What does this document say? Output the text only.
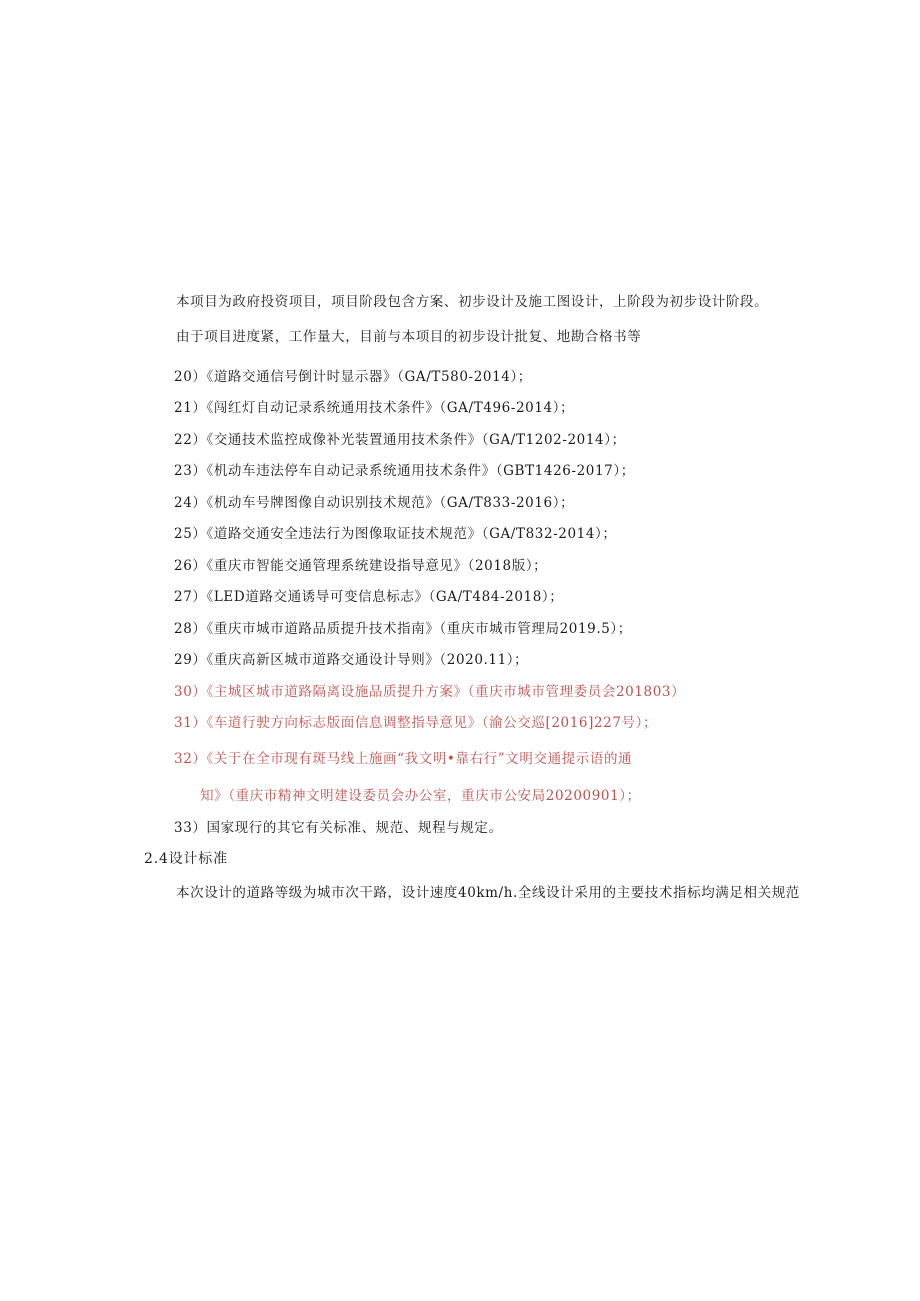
本项目为政府投资项目，项目阶段包含方案、初步设计及施工图设计，上阶段为初步设计阶段。
由于项目进度紧，工作量大，目前与本项目的初步设计批复、地勘合格书等
20）《道路交通信号倒计时显示器》（GA/T580-2014）；
21）《闯红灯自动记录系统通用技术条件》（GA/T496-2014）；
22）《交通技术监控成像补光装置通用技术条件》（GA/T1202-2014）；
23）《机动车违法停车自动记录系统通用技术条件》（GBT1426-2017）；
24）《机动车号牌图像自动识别技术规范》（GA/T833-2016）；
25）《道路交通安全违法行为图像取证技术规范》（GA/T832-2014）；
26）《重庆市智能交通管理系统建设指导意见》（2018版）；
27）《LED道路交通诱导可变信息标志》（GA/T484-2018）；
28）《重庆市城市道路品质提升技术指南》（重庆市城市管理局2019.5）；
29）《重庆高新区城市道路交通设计导则》（2020.11）；
30）《主城区城市道路隔离设施品质提升方案》（重庆市城市管理委员会201803）
31）《车道行驶方向标志版面信息调整指导意见》（渝公交巡[2016]227号）；
32）《关于在全市现有斑马线上施画“我文明•靠右行”文明交通提示语的通
知》（重庆市精神文明建设委员会办公室，重庆市公安局20200901）；
33）国家现行的其它有关标准、规范、规程与规定。
2.4设计标准
本次设计的道路等级为城市次干路，设计速度40km/h.全线设计采用的主要技术指标均满足相关规范
